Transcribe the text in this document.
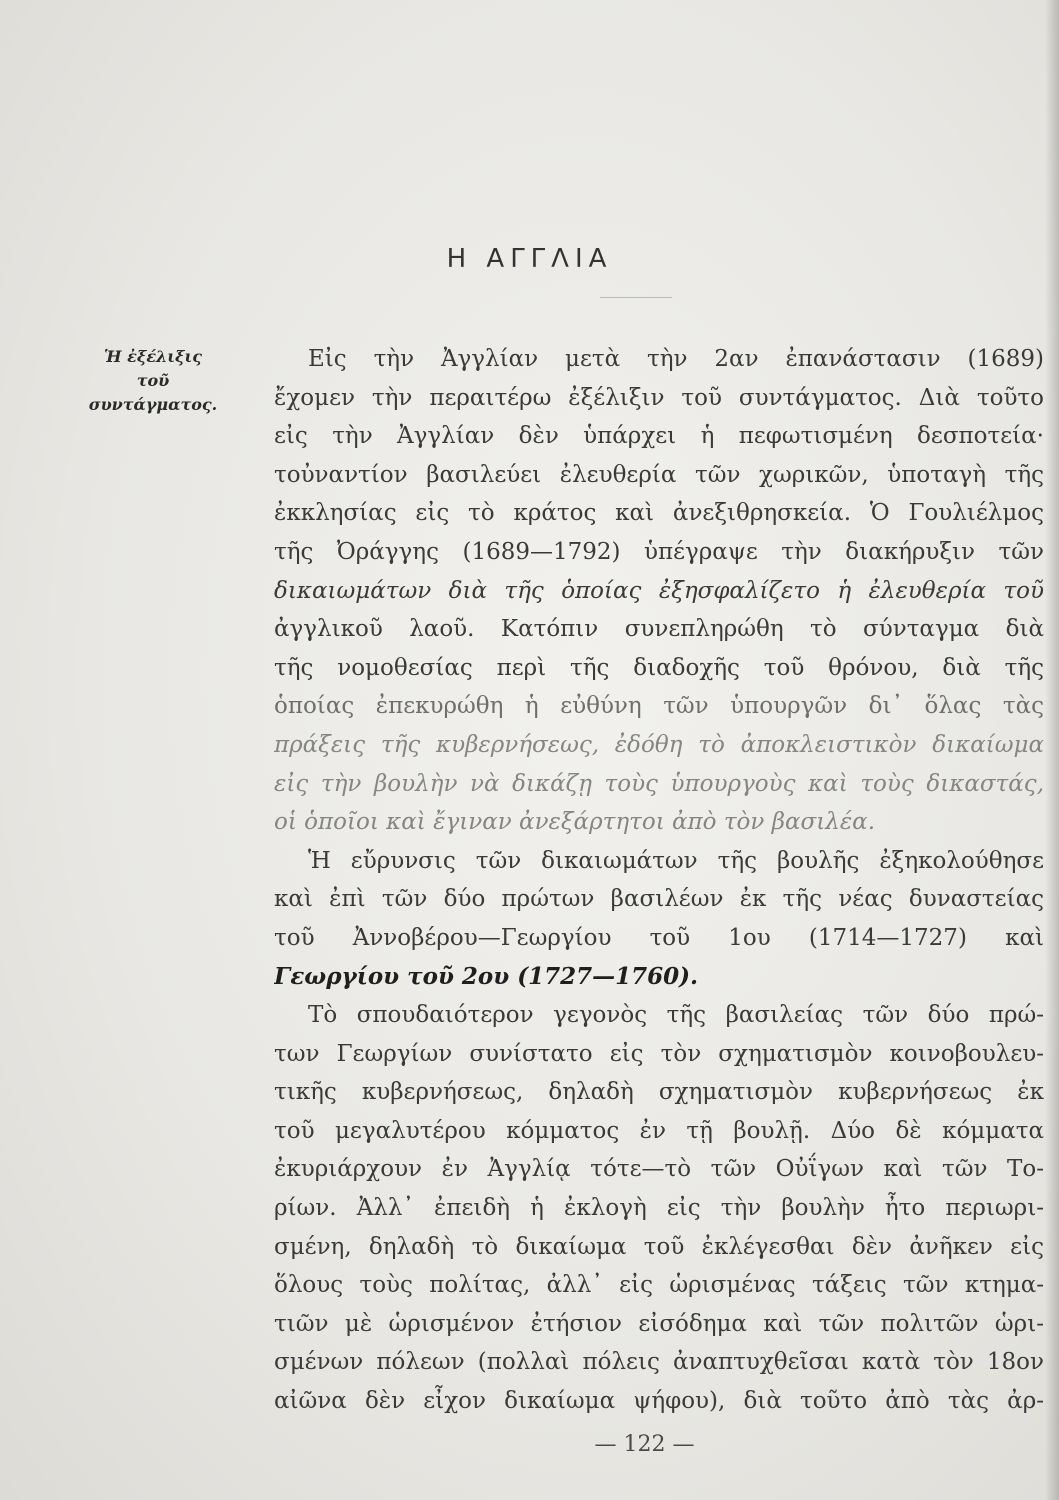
Η ΑΓΓΛΙΑ
Ἡ ἐξέλιξις
τοῦ
συντάγματος.
Εἰς τὴν Ἀγγλίαν μετὰ τὴν 2αν ἐπανάστασιν (1689)
ἔχομεν τὴν περαιτέρω ἐξέλιξιν τοῦ συντάγματος. Διὰ τοῦτο
εἰς τὴν Ἀγγλίαν δὲν ὑπάρχει ἡ πεφωτισμένη δεσποτεία·
τοὐναντίον βασιλεύει ἐλευθερία τῶν χωρικῶν, ὑποταγὴ τῆς
ἐκκλησίας εἰς τὸ κράτος καὶ ἀνεξιθρησκεία. Ὁ Γουλιέλμος
τῆς Ὀράγγης (1689—1792) ὑπέγραψε τὴν διακήρυξιν τῶν
δικαιωμάτων διὰ τῆς ὁποίας ἐξησφαλίζετο ἡ ἐλευθερία τοῦ
ἀγγλικοῦ λαοῦ. Κατόπιν συνεπληρώθη τὸ σύνταγμα διὰ
τῆς νομοθεσίας περὶ τῆς διαδοχῆς τοῦ θρόνου, διὰ τῆς
ὁποίας ἐπεκυρώθη ἡ εὐθύνη τῶν ὑπουργῶν δι᾽ ὅλας τὰς
πράξεις τῆς κυβερνήσεως, ἐδόθη τὸ ἀποκλειστικὸν δικαίωμα
εἰς τὴν βουλὴν νὰ δικάζῃ τοὺς ὑπουργοὺς καὶ τοὺς δικαστάς,
οἱ ὁποῖοι καὶ ἔγιναν ἀνεξάρτητοι ἀπὸ τὸν βασιλέα.
Ἡ εὔρυνσις τῶν δικαιωμάτων τῆς βουλῆς ἐξηκολούθησε
καὶ ἐπὶ τῶν δύο πρώτων βασιλέων ἐκ τῆς νέας δυναστείας
τοῦ Ἀννοβέρου—Γεωργίου τοῦ 1ου (1714—1727) καὶ
Γεωργίου τοῦ 2ου (1727—1760).
Τὸ σπουδαιότερον γεγονὸς τῆς βασιλείας τῶν δύο πρώ-
των Γεωργίων συνίστατο εἰς τὸν σχηματισμὸν κοινοβουλευ-
τικῆς κυβερνήσεως, δηλαδὴ σχηματισμὸν κυβερνήσεως ἐκ
τοῦ μεγαλυτέρου κόμματος ἐν τῇ βουλῇ. Δύο δὲ κόμματα
ἐκυριάρχουν ἐν Ἀγγλίᾳ τότε—τὸ τῶν Οὐΐγων καὶ τῶν Το-
ρίων. Ἀλλ᾽ ἐπειδὴ ἡ ἐκλογὴ εἰς τὴν βουλὴν ἦτο περιωρι-
σμένη, δηλαδὴ τὸ δικαίωμα τοῦ ἐκλέγεσθαι δὲν ἀνῆκεν εἰς
ὅλους τοὺς πολίτας, ἀλλ᾽ εἰς ὡρισμένας τάξεις τῶν κτημα-
τιῶν μὲ ὡρισμένον ἐτήσιον εἰσόδημα καὶ τῶν πολιτῶν ὡρι-
σμένων πόλεων (πολλαὶ πόλεις ἀναπτυχθεῖσαι κατὰ τὸν 18ον
αἰῶνα δὲν εἶχον δικαίωμα ψήφου), διὰ τοῦτο ἀπὸ τὰς ἀρ-
— 122 —
